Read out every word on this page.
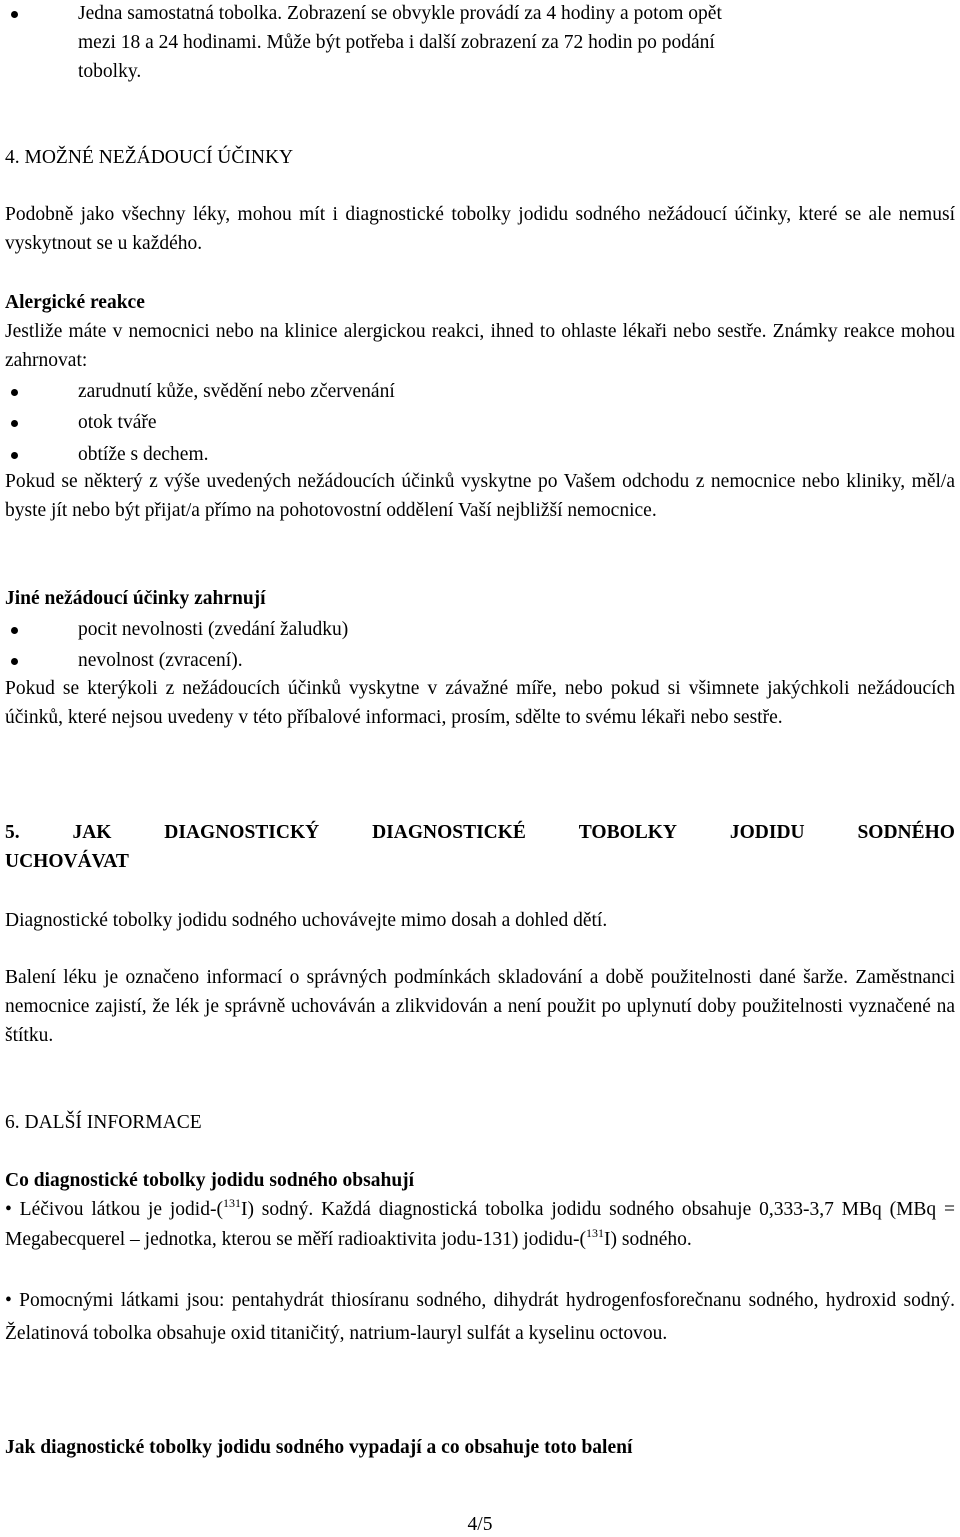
Jedna samostatná tobolka. Zobrazení se obvykle provádí za 4 hodiny a potom opět
mezi 18 a 24 hodinami. Může být potřeba i další zobrazení za 72 hodin po podání
tobolky.
4. MOŽNÉ NEŽÁDOUCÍ ÚČINKY
Podobně jako všechny léky, mohou mít i diagnostické tobolky jodidu sodného nežádoucí účinky, které se ale nemusí vyskytnout se u každého.
Alergické reakce
Jestliže máte v nemocnici nebo na klinice alergickou reakci, ihned to ohlaste lékaři nebo sestře. Známky reakce mohou zahrnovat:
zarudnutí kůže, svědění nebo zčervenání
otok tváře
obtíže s dechem.
Pokud se některý z výše uvedených nežádoucích účinků vyskytne po Vašem odchodu z nemocnice nebo kliniky, měl/a byste jít nebo být přijat/a přímo na pohotovostní oddělení Vaší nejbližší nemocnice.
Jiné nežádoucí účinky zahrnují
pocit nevolnosti (zvedání žaludku)
nevolnost (zvracení).
Pokud se kterýkoli z nežádoucích účinků vyskytne v závažné míře, nebo pokud si všimnete jakýchkoli nežádoucích účinků, které nejsou uvedeny v této příbalové informaci, prosím, sdělte to svému lékaři nebo sestře.
5.	JAK	DIAGNOSTICKÝ	DIAGNOSTICKÉ	TOBOLKY	JODIDU	SODNÉHO
UCHOVÁVAT
Diagnostické tobolky jodidu sodného uchovávejte mimo dosah a dohled dětí.
Balení léku je označeno informací o správných podmínkách skladování a době použitelnosti dané šarže. Zaměstnanci nemocnice zajistí, že lék je správně uchováván a zlikvidován a není použit po uplynutí doby použitelnosti vyznačené na štítku.
6. DALŠÍ INFORMACE
Co diagnostické tobolky jodidu sodného obsahují
• Léčivou látkou je jodid-($^{131}$I) sodný. Každá diagnostická tobolka jodidu sodného obsahuje 0,333-3,7 MBq (MBq = Megabecquerel – jednotka, kterou se měří radioaktivita jodu-131) jodidu-($^{131}$I) sodného.
• Pomocnými látkami jsou: pentahydrát thiosíranu sodného, dihydrát hydrogenfosforečnanu sodného, hydroxid sodný. Želatinová tobolka obsahuje oxid titaničitý, natrium-lauryl sulfát a kyselinu octovou.
Jak diagnostické tobolky jodidu sodného vypadají a co obsahuje toto balení
4/5
